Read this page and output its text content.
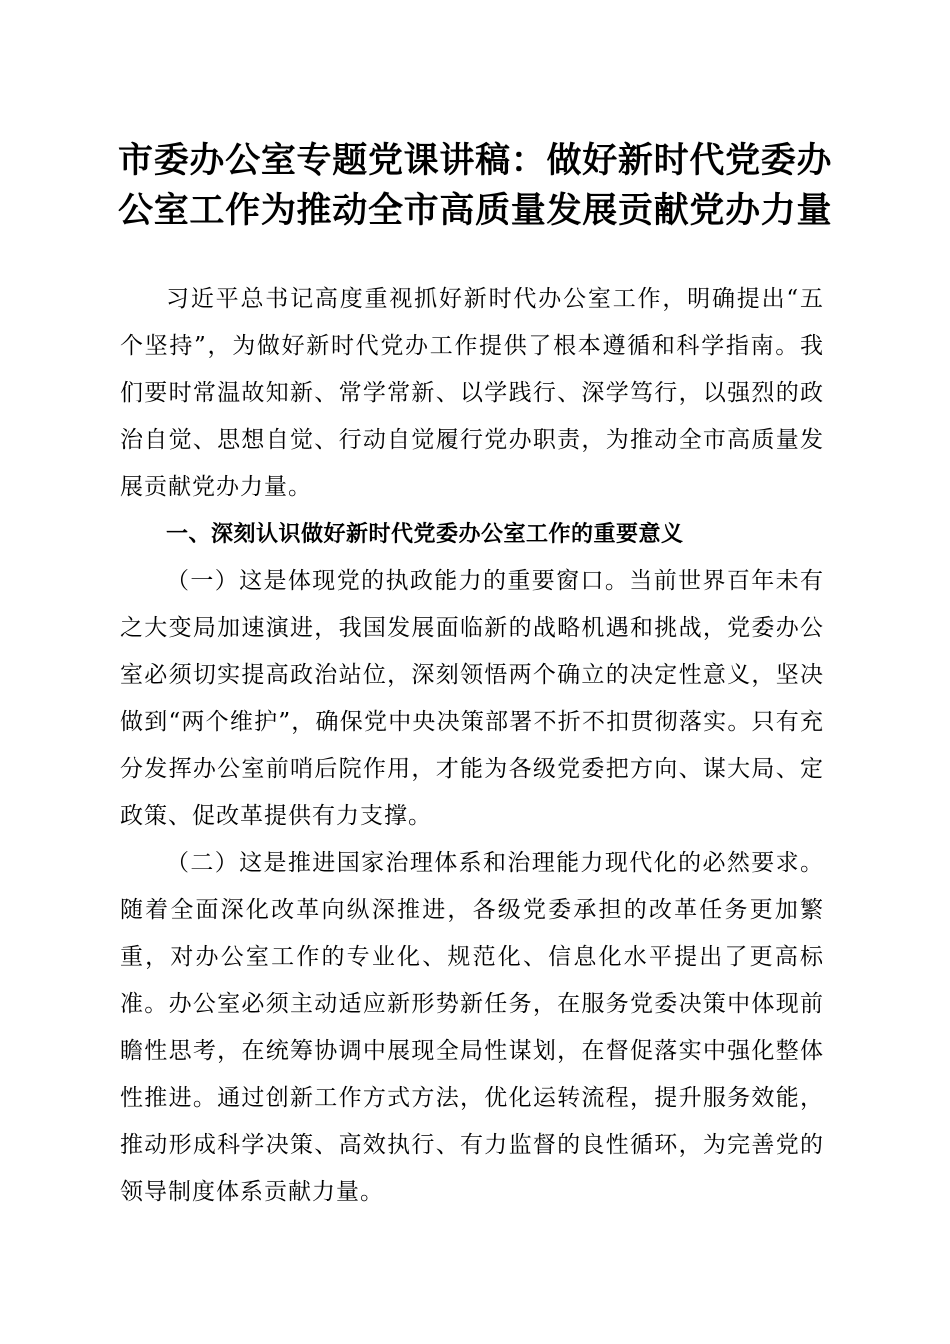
市委办公室专题党课讲稿：做好新时代党委办
公室工作为推动全市高质量发展贡献党办力量

习近平总书记高度重视抓好新时代办公室工作，明确提出“五个坚持”，为做好新时代党办工作提供了根本遵循和科学指南。我们要时常温故知新、常学常新、以学践行、深学笃行，以强烈的政治自觉、思想自觉、行动自觉履行党办职责，为推动全市高质量发展贡献党办力量。

一、深刻认识做好新时代党委办公室工作的重要意义

（一）这是体现党的执政能力的重要窗口。当前世界百年未有之大变局加速演进，我国发展面临新的战略机遇和挑战，党委办公室必须切实提高政治站位，深刻领悟两个确立的决定性意义，坚决做到“两个维护”，确保党中央决策部署不折不扣贯彻落实。只有充分发挥办公室前哨后院作用，才能为各级党委把方向、谋大局、定政策、促改革提供有力支撑。

（二）这是推进国家治理体系和治理能力现代化的必然要求。随着全面深化改革向纵深推进，各级党委承担的改革任务更加繁重，对办公室工作的专业化、规范化、信息化水平提出了更高标准。办公室必须主动适应新形势新任务，在服务党委决策中体现前瞻性思考，在统筹协调中展现全局性谋划，在督促落实中强化整体性推进。通过创新工作方式方法，优化运转流程，提升服务效能，推动形成科学决策、高效执行、有力监督的良性循环，为完善党的领导制度体系贡献力量。
